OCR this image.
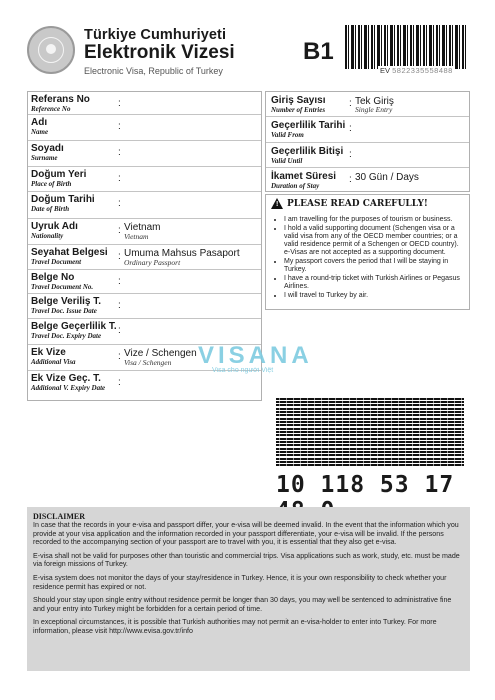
Türkiye Cumhuriyeti
Elektronik Vizesi
Electronic Visa, Republic of Turkey
B1
EV 5822335558488
Referans No
Reference No	:
Adı
Name	:
Soyadı
Surname	:
Doğum Yeri
Place of Birth	:
Doğum Tarihi
Date of Birth	:
Uyruk Adı
Nationality	: Vietnam
Vietnam
Seyahat Belgesi
Travel Document	: Umuma Mahsus Pasaport
Ordinary Passport
Belge No
Travel Document No. :
Belge Veriliş T.
Travel Doc. Issue Date :
Belge Geçerlilik T.
Travel Doc. Expiry Date :
Ek Vize
Additional Visa	: Vize / Schengen
Visa / Schengen
Ek Vize Geç. T.
Additional V. Expiry Date :
Giriş Sayısı
Number of Entries
: Tek Giriş
Single Entry
Geçerlilik Tarihi
Valid From
:
Geçerlilik Bitişi
Valid Until
:
İkamet Süresi
Duration of Stay
: 30 Gün / Days
! PLEASE READ CAREFULLY!
• I am travelling for the purposes of tourism or business.
• I hold a valid supporting document (Schengen visa or a valid visa from any of the OECD member countries; or a valid residence permit of a Schengen or OECD country). e-Visas are not accepted as a supporting document.
• My passport covers the period that I will be staying in Turkey.
• I have a round-trip ticket with Turkish Airlines or Pegasus Airlines.
• I will travel to Turkey by air.
VISANA
Visa cho người Việt
10 118 53 17
DISCLAIMER

In case that the records in your e-visa and passport differ, your e-visa will be deemed invalid. In the event that the information which you provide at your visa application and the information recorded in your passport differentiate, your e-visa will be invalid. If the persons recorded to the accompanying section of your passport are to travel with you, it is essential that they also get e-visa.

E-visa shall not be valid for purposes other than touristic and commercial trips. Visa applications such as work, study, etc. must be made via foreign missions of Turkey.

E-visa system does not monitor the days of your stay/residence in Turkey. Hence, it is your own responsibility to check whether your residence permit has expired or not.

Should your stay upon single entry without residence permit be longer than 30 days, you may well be sentenced to administrative fine and your entry into Turkey might be forbidden for a certain period of time.

In exceptional circumstances, it is possible that Turkish authorities may not permit an e-visa-holder to enter into Turkey. For more information, please visit http://www.evisa.gov.tr/info
